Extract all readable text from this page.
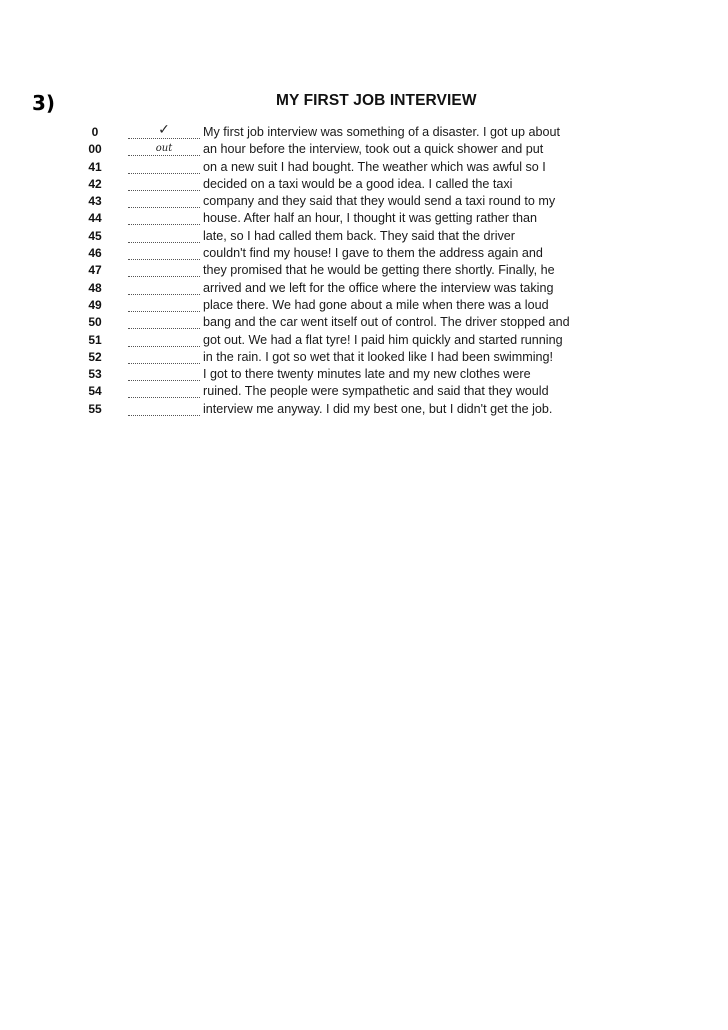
3)	MY FIRST JOB INTERVIEW
0	✓	My first job interview was something of a disaster. I got up about
00	out	an hour before the interview, took out a quick shower and put
41	on a new suit I had bought. The weather which was awful so I
42	decided on a taxi would be a good idea. I called the taxi
43	company and they said that they would send a taxi round to my
44	house. After half an hour, I thought it was getting rather than
45	late, so I had called them back. They said that the driver
46	couldn't find my house! I gave to them the address again and
47	they promised that he would be getting there shortly. Finally, he
48	arrived and we left for the office where the interview was taking
49	place there. We had gone about a mile when there was a loud
50	bang and the car went itself out of control. The driver stopped and
51	got out. We had a flat tyre! I paid him quickly and started running
52	in the rain. I got so wet that it looked like I had been swimming!
53	I got to there twenty minutes late and my new clothes were
54	ruined. The people were sympathetic and said that they would
55	interview me anyway. I did my best one, but I didn't get the job.
